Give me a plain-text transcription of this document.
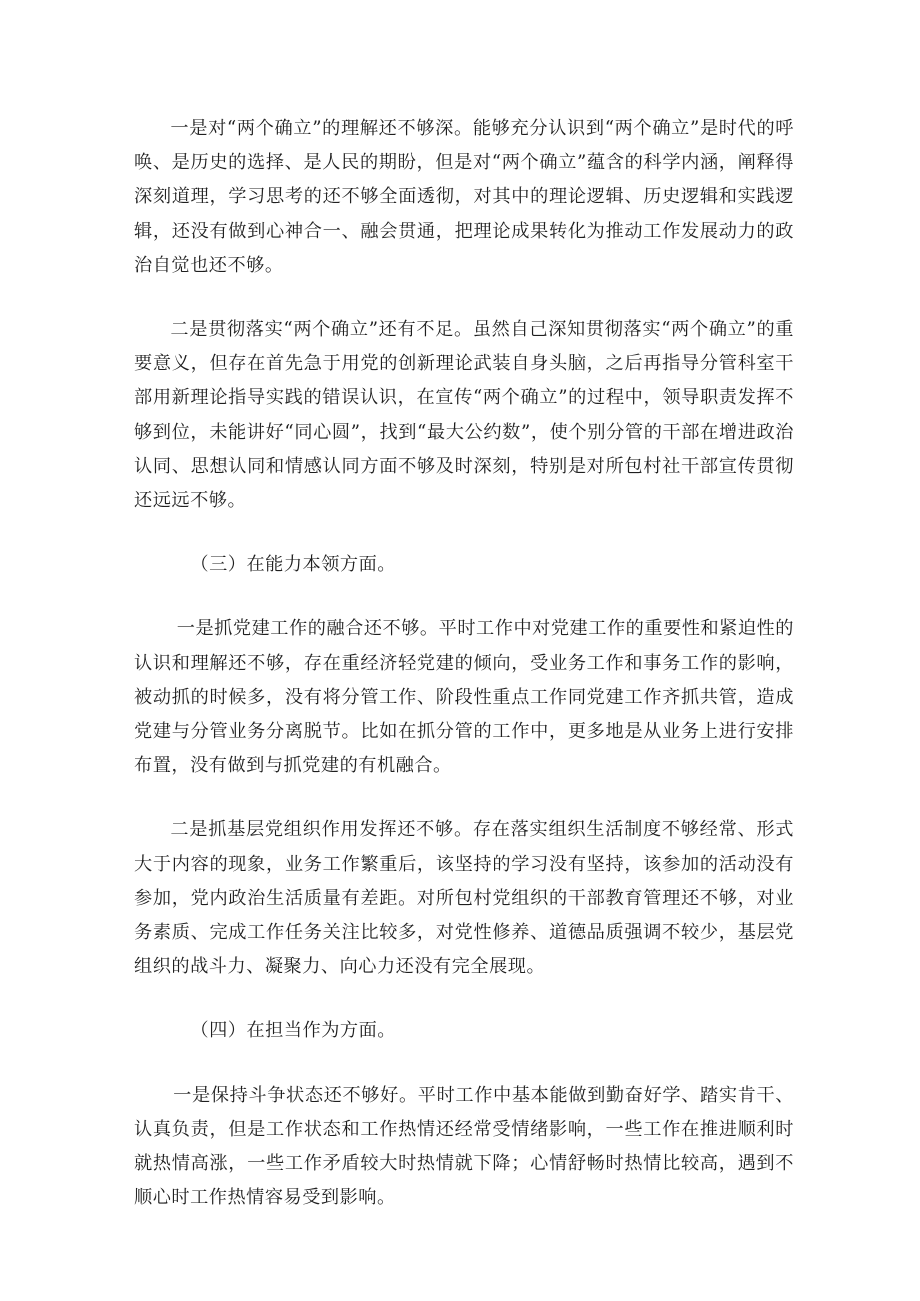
一是对“两个确立”的理解还不够深。能够充分认识到“两个确立”是时代的呼唤、是历史的选择、是人民的期盼，但是对“两个确立”蕴含的科学内涵，阐释得深刻道理，学习思考的还不够全面透彻，对其中的理论逻辑、历史逻辑和实践逻辑，还没有做到心神合一、融会贯通，把理论成果转化为推动工作发展动力的政治自觉也还不够。

二是贯彻落实“两个确立”还有不足。虽然自己深知贯彻落实“两个确立”的重要意义，但存在首先急于用党的创新理论武装自身头脑，之后再指导分管科室干部用新理论指导实践的错误认识，在宣传“两个确立”的过程中，领导职责发挥不够到位，未能讲好“同心圆”，找到“最大公约数”，使个别分管的干部在增进政治认同、思想认同和情感认同方面不够及时深刻，特别是对所包村社干部宣传贯彻还远远不够。

（三）在能力本领方面。

一是抓党建工作的融合还不够。平时工作中对党建工作的重要性和紧迫性的认识和理解还不够，存在重经济轻党建的倾向，受业务工作和事务工作的影响，被动抓的时候多，没有将分管工作、阶段性重点工作同党建工作齐抓共管，造成党建与分管业务分离脱节。比如在抓分管的工作中，更多地是从业务上进行安排布置，没有做到与抓党建的有机融合。

二是抓基层党组织作用发挥还不够。存在落实组织生活制度不够经常、形式大于内容的现象，业务工作繁重后，该坚持的学习没有坚持，该参加的活动没有参加，党内政治生活质量有差距。对所包村党组织的干部教育管理还不够，对业务素质、完成工作任务关注比较多，对党性修养、道德品质强调不较少，基层党组织的战斗力、凝聚力、向心力还没有完全展现。

（四）在担当作为方面。

一是保持斗争状态还不够好。平时工作中基本能做到勤奋好学、踏实肯干、认真负责，但是工作状态和工作热情还经常受情绪影响，一些工作在推进顺利时就热情高涨，一些工作矛盾较大时热情就下降；心情舒畅时热情比较高，遇到不顺心时工作热情容易受到影响。
